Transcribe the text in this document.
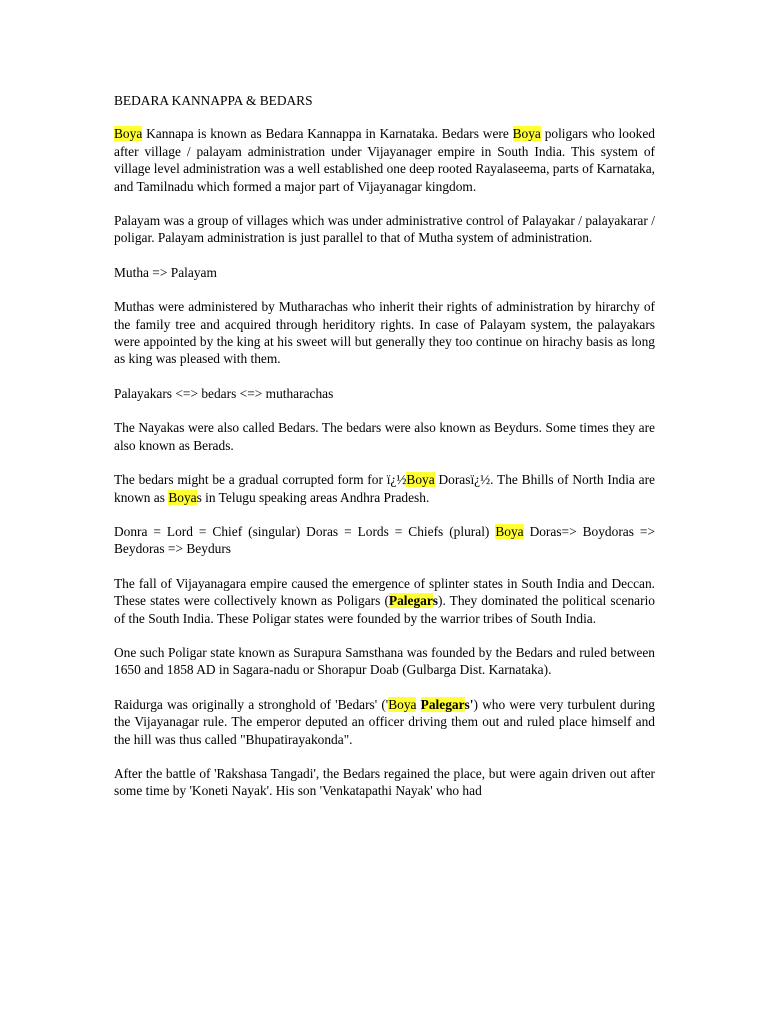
BEDARA KANNAPPA & BEDARS

Boya Kannapa is known as Bedara Kannappa in Karnataka. Bedars were Boya poligars who looked after village / palayam administration under Vijayanager empire in South India. This system of village level administration was a well established one deep rooted Rayalaseema, parts of Karnataka, and Tamilnadu which formed a major part of Vijayanagar kingdom.

Palayam was a group of villages which was under administrative control of Palayakar / palayakarar / poligar. Palayam administration is just parallel to that of Mutha system of administration.

Mutha => Palayam

Muthas were administered by Mutharachas who inherit their rights of administration by hirarchy of the family tree and acquired through heriditory rights. In case of Palayam system, the palayakars were appointed by the king at his sweet will but generally they too continue on hirachy basis as long as king was pleased with them.

Palayakars <=> bedars <=> mutharachas

The Nayakas were also called Bedars. The bedars were also known as Beydurs. Some times they are also known as Berads.

The bedars might be a gradual corrupted form for ï¿½Boya Dorasï¿½. The Bhills of North India are known as Boyas in Telugu speaking areas Andhra Pradesh.

Donra = Lord = Chief (singular) Doras = Lords = Chiefs (plural) Boya Doras=> Boydoras => Beydoras => Beydurs

The fall of Vijayanagara empire caused the emergence of splinter states in South India and Deccan. These states were collectively known as Poligars (Palegars). They dominated the political scenario of the South India. These Poligar states were founded by the warrior tribes of South India.

One such Poligar state known as Surapura Samsthana was founded by the Bedars and ruled between 1650 and 1858 AD in Sagara-nadu or Shorapur Doab (Gulbarga Dist. Karnataka).

Raidurga was originally a stronghold of 'Bedars' ('Boya Palegars') who were very turbulent during the Vijayanagar rule. The emperor deputed an officer driving them out and ruled place himself and the hill was thus called "Bhupatirayakonda".

After the battle of 'Rakshasa Tangadi', the Bedars regained the place, but were again driven out after some time by 'Koneti Nayak'. His son 'Venkatapathi Nayak' who had
